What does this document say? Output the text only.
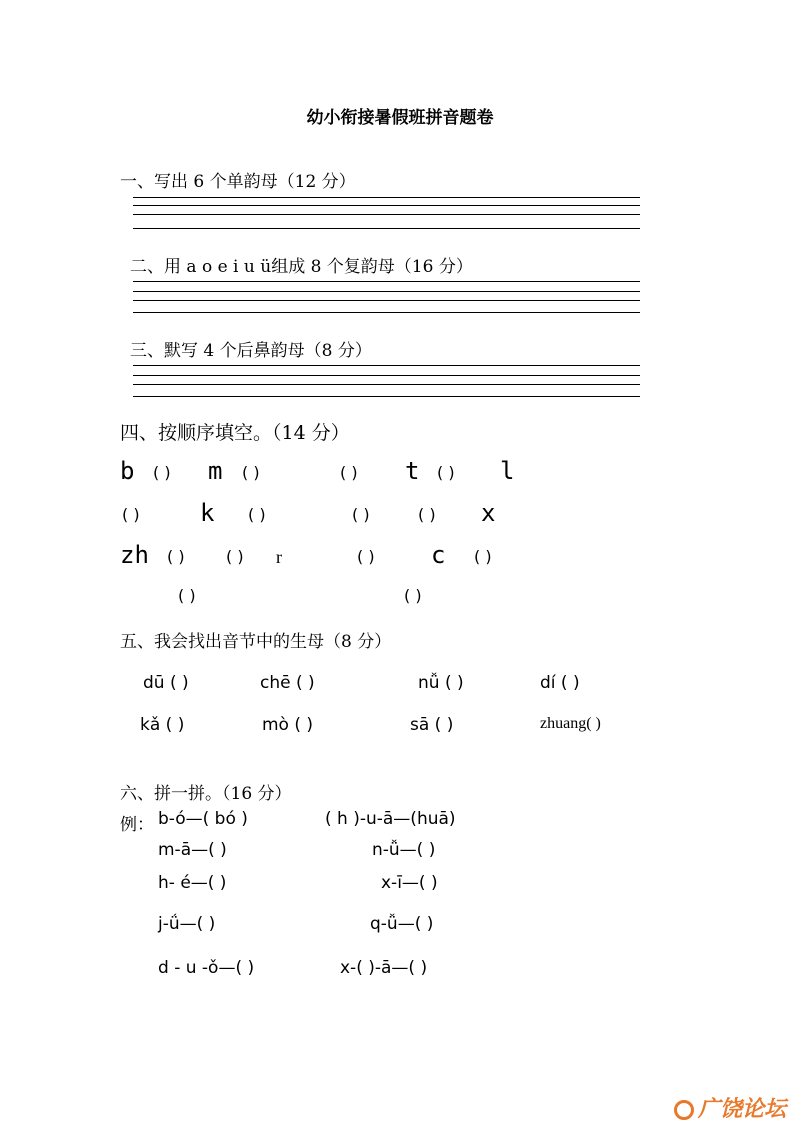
幼小衔接暑假班拼音题卷
一、写出 6 个单韵母（12 分）
二、用 a o e i u ü组成 8 个复韵母（16 分）
三、默写 4 个后鼻韵母（8 分）
四、按顺序填空。（14 分）
b ( ) m ( )	( ) t ( ) l
( )	k ( )	( )	( ) x
zh ( )	( ) r	( ) c ( )
( )	( )
五、我会找出音节中的生母（8 分）
dū ( )	chē ( )	nǚ ( )	dí ( )
kǎ ( )	mò ( )	sā ( )	zhuang( )
六、拼一拼。（16 分）
例： b-ó—( bó )	( h )-u-ā—(huā)
m-ā—( )	n-ǚ—( )
h- é—( )	x-ī—( )
j-ǘ—( )	q-ǚ—( )
d - u -ǒ—( )	x-( )-ā—( )
广饶论坛
